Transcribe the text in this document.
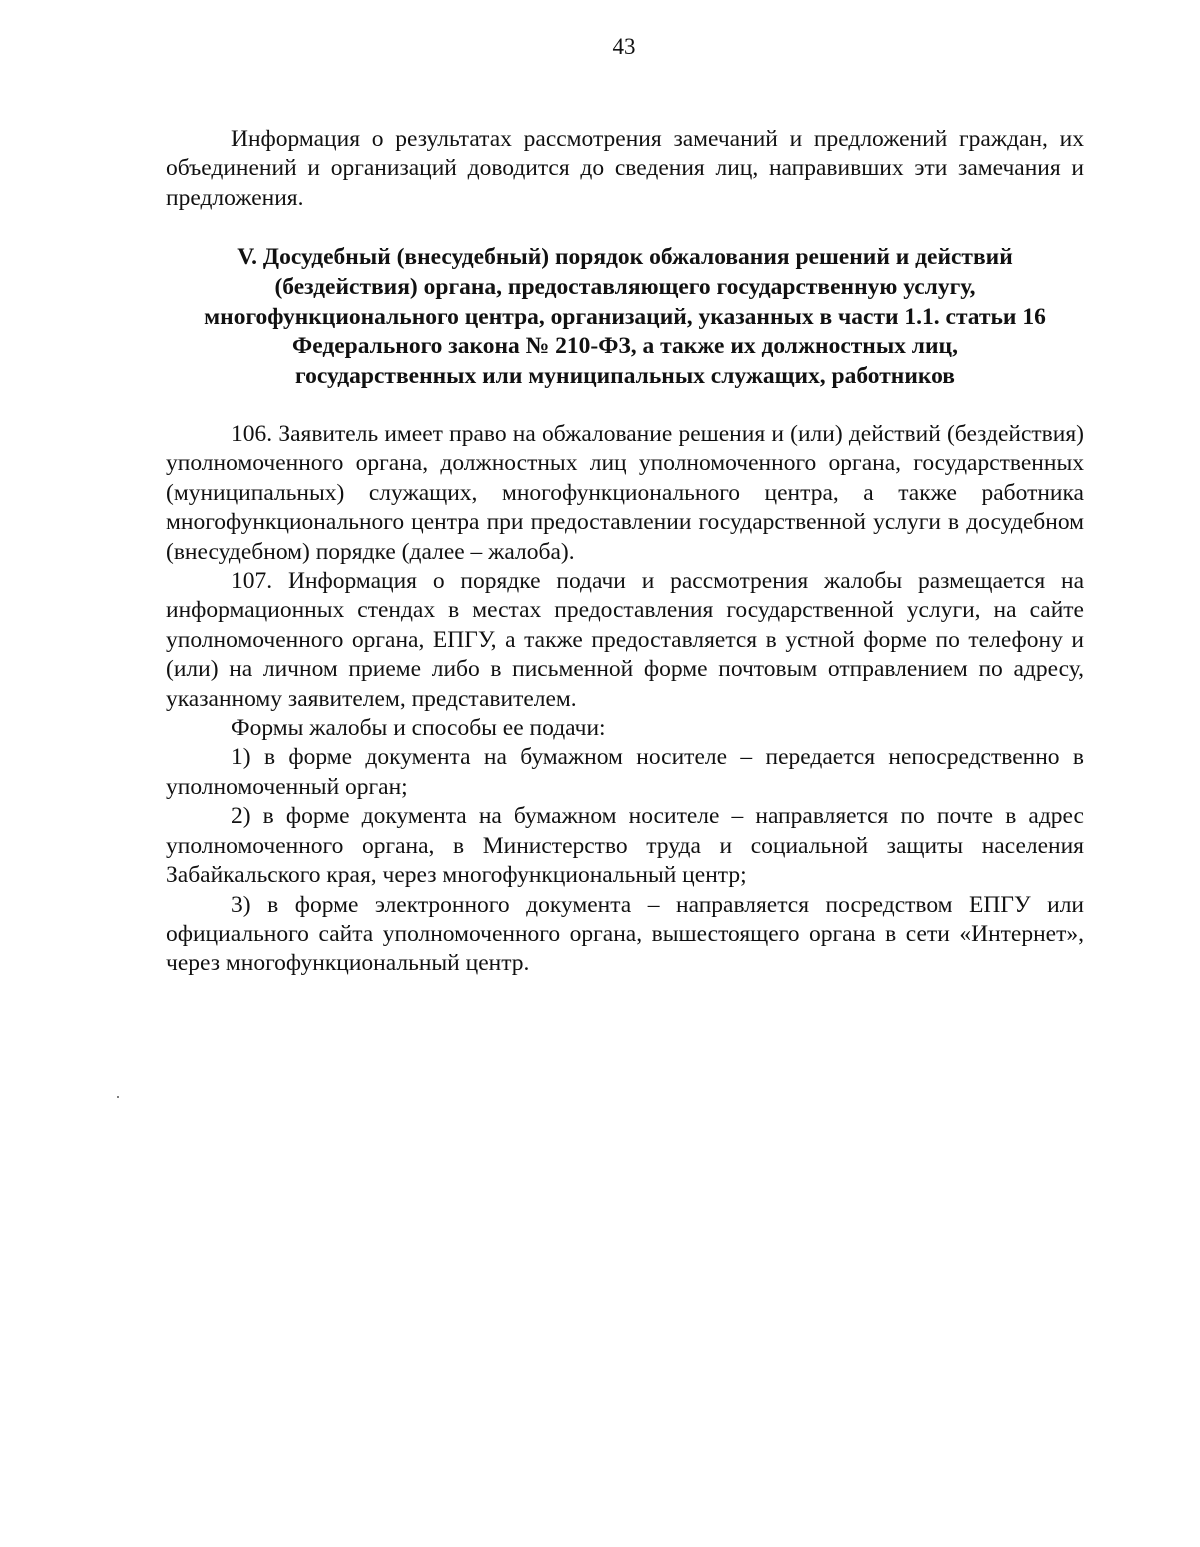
43

Информация о результатах рассмотрения замечаний и предложений граждан, их объединений и организаций доводится до сведения лиц, направивших эти замечания и предложения.

V. Досудебный (внесудебный) порядок обжалования решений и действий
(бездействия) органа, предоставляющего государственную услугу,
многофункционального центра, организаций, указанных в части 1.1. статьи 16
Федерального закона № 210-ФЗ, а также их должностных лиц,
государственных или муниципальных служащих, работников

106. Заявитель имеет право на обжалование решения и (или) действий (бездействия) уполномоченного органа, должностных лиц уполномоченного органа, государственных (муниципальных) служащих, многофункционального центра, а также работника многофункционального центра при предоставлении государственной услуги в досудебном (внесудебном) порядке (далее – жалоба).

107. Информация о порядке подачи и рассмотрения жалобы размещается на информационных стендах в местах предоставления государственной услуги, на сайте уполномоченного органа, ЕПГУ, а также предоставляется в устной форме по телефону и (или) на личном приеме либо в письменной форме почтовым отправлением по адресу, указанному заявителем, представителем.

Формы жалобы и способы ее подачи:

1) в форме документа на бумажном носителе – передается непосредственно в уполномоченный орган;

2) в форме документа на бумажном носителе – направляется по почте в адрес уполномоченного органа, в Министерство труда и социальной защиты населения Забайкальского края, через многофункциональный центр;

3) в форме электронного документа – направляется посредством ЕПГУ или официального сайта уполномоченного органа, вышестоящего органа в сети «Интернет», через многофункциональный центр.
